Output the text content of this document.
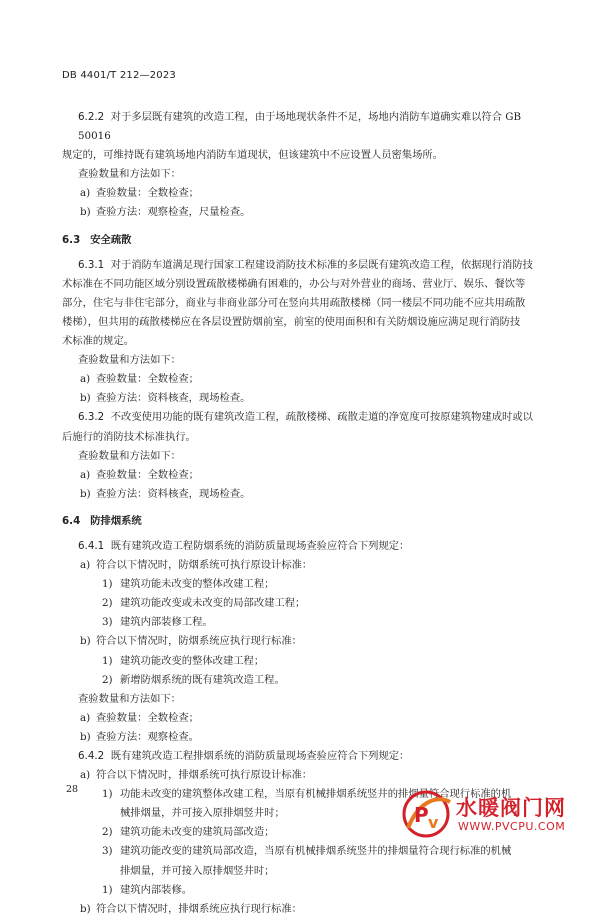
DB 4401/T 212—2023
6.2.2 对于多层既有建筑的改造工程，由于场地现状条件不足，场地内消防车道确实难以符合 GB 50016
规定的，可维持既有建筑场地内消防车道现状，但该建筑中不应设置人员密集场所。
查验数量和方法如下：
a) 查验数量：全数检查；
b) 查验方法：观察检查，尺量检查。
6.3 安全疏散
6.3.1 对于消防车道满足现行国家工程建设消防技术标准的多层既有建筑改造工程，依据现行消防技
术标准在不同功能区域分别设置疏散楼梯确有困难的，办公与对外营业的商场、营业厅、娱乐、餐饮等
部分，住宅与非住宅部分，商业与非商业部分可在竖向共用疏散楼梯（同一楼层不同功能不应共用疏散
楼梯），但共用的疏散楼梯应在各层设置防烟前室，前室的使用面积和有关防烟设施应满足现行消防技
术标准的规定。
查验数量和方法如下：
a) 查验数量：全数检查；
b) 查验方法：资料核查，现场检查。
6.3.2 不改变使用功能的既有建筑改造工程，疏散楼梯、疏散走道的净宽度可按原建筑物建成时或以
后施行的消防技术标准执行。
查验数量和方法如下：
a) 查验数量：全数检查；
b) 查验方法：资料核查，现场检查。
6.4 防排烟系统
6.4.1 既有建筑改造工程防烟系统的消防质量现场查验应符合下列规定：
a) 符合以下情况时，防烟系统可执行原设计标准：
1) 建筑功能未改变的整体改建工程；
2) 建筑功能改变或未改变的局部改建工程；
3) 建筑内部装修工程。
b) 符合以下情况时，防烟系统应执行现行标准：
1) 建筑功能改变的整体改建工程；
2) 新增防烟系统的既有建筑改造工程。
查验数量和方法如下：
a) 查验数量：全数检查；
b) 查验方法：观察检查。
6.4.2 既有建筑改造工程排烟系统的消防质量现场查验应符合下列规定：
a) 符合以下情况时，排烟系统可执行原设计标准：
1) 功能未改变的建筑整体改建工程，当原有机械排烟系统竖井的排烟量符合现行标准的机
械排烟量，并可接入原排烟竖井时；
2) 建筑功能未改变的建筑局部改造；
3) 建筑功能改变的建筑局部改造，当原有机械排烟系统竖井的排烟量符合现行标准的机械
排烟量，并可接入原排烟竖井时；
1) 建筑内部装修。
b) 符合以下情况时，排烟系统应执行现行标准：
28
P v
水暖阀门网
WWW.PVCPU.COM
